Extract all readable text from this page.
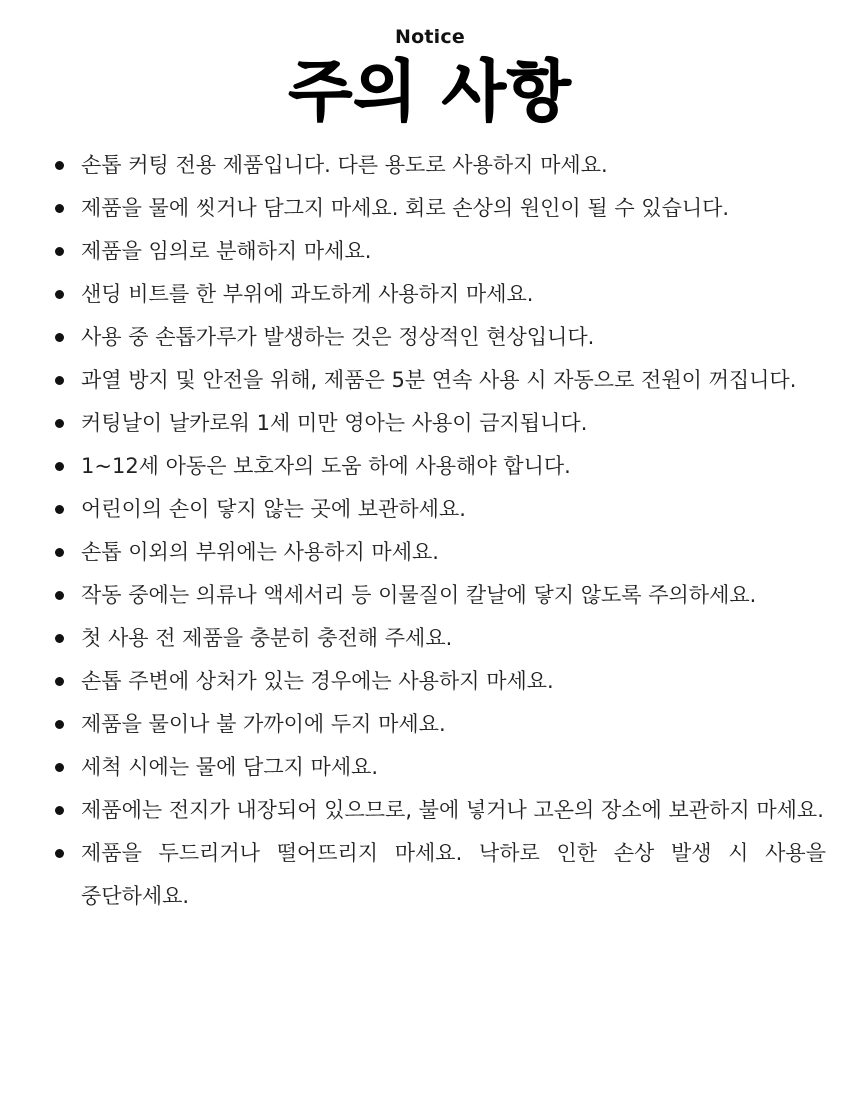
Notice
주의 사항
손톱 커팅 전용 제품입니다. 다른 용도로 사용하지 마세요.
제품을 물에 씻거나 담그지 마세요. 회로 손상의 원인이 될 수 있습니다.
제품을 임의로 분해하지 마세요.
샌딩 비트를 한 부위에 과도하게 사용하지 마세요.
사용 중 손톱가루가 발생하는 것은 정상적인 현상입니다.
과열 방지 및 안전을 위해, 제품은 5분 연속 사용 시 자동으로 전원이 꺼집니다.
커팅날이 날카로워 1세 미만 영아는 사용이 금지됩니다.
1~12세 아동은 보호자의 도움 하에 사용해야 합니다.
어린이의 손이 닿지 않는 곳에 보관하세요.
손톱 이외의 부위에는 사용하지 마세요.
작동 중에는 의류나 액세서리 등 이물질이 칼날에 닿지 않도록 주의하세요.
첫 사용 전 제품을 충분히 충전해 주세요.
손톱 주변에 상처가 있는 경우에는 사용하지 마세요.
제품을 물이나 불 가까이에 두지 마세요.
세척 시에는 물에 담그지 마세요.
제품에는 전지가 내장되어 있으므로, 불에 넣거나 고온의 장소에 보관하지 마세요.
제품을 두드리거나 떨어뜨리지 마세요. 낙하로 인한 손상 발생 시 사용을 중단하세요.
